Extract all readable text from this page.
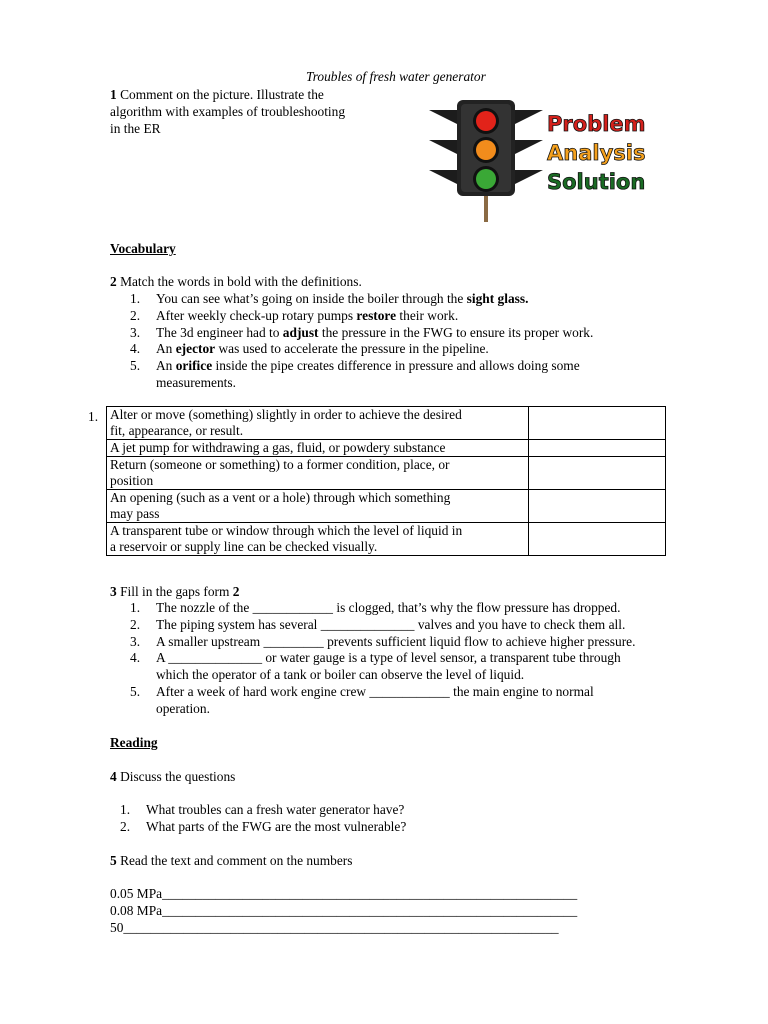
Troubles of fresh water generator
1 Comment on the picture. Illustrate the
algorithm with examples of troubleshooting
in the ER	Problem
Analysis
Solution
Vocabulary
2 Match the words in bold with the definitions.
1. You can see what’s going on inside the boiler through the sight glass.
2. After weekly check-up rotary pumps restore their work.
3. The 3d engineer had to adjust the pressure in the FWG to ensure its proper work.
4. An ejector was used to accelerate the pressure in the pipeline.
5. An orifice inside the pipe creates difference in pressure and allows doing some
measurements.
1. Alter or move (something) slightly in order to achieve the desired
fit, appearance, or result.	
A jet pump for withdrawing a gas, fluid, or powdery substance	
Return (someone or something) to a former condition, place, or
position	
An opening (such as a vent or a hole) through which something
may pass	
A transparent tube or window through which the level of liquid in
a reservoir or supply line can be checked visually.	
3 Fill in the gaps form 2
1. The nozzle of the ____________ is clogged, that’s why the flow pressure has dropped.
2. The piping system has several ______________ valves and you have to check them all.
3. A smaller upstream _________ prevents sufficient liquid flow to achieve higher pressure.
4. A ______________ or water gauge is a type of level sensor, a transparent tube through
which the operator of a tank or boiler can observe the level of liquid.
5. After a week of hard work engine crew ____________ the main engine to normal
operation.
Reading
4 Discuss the questions
1. What troubles can a fresh water generator have?
2. What parts of the FWG are the most vulnerable?
5 Read the text and comment on the numbers
0.05 MPa______________________________________________________________
0.08 MPa______________________________________________________________
50_________________________________________________________________
